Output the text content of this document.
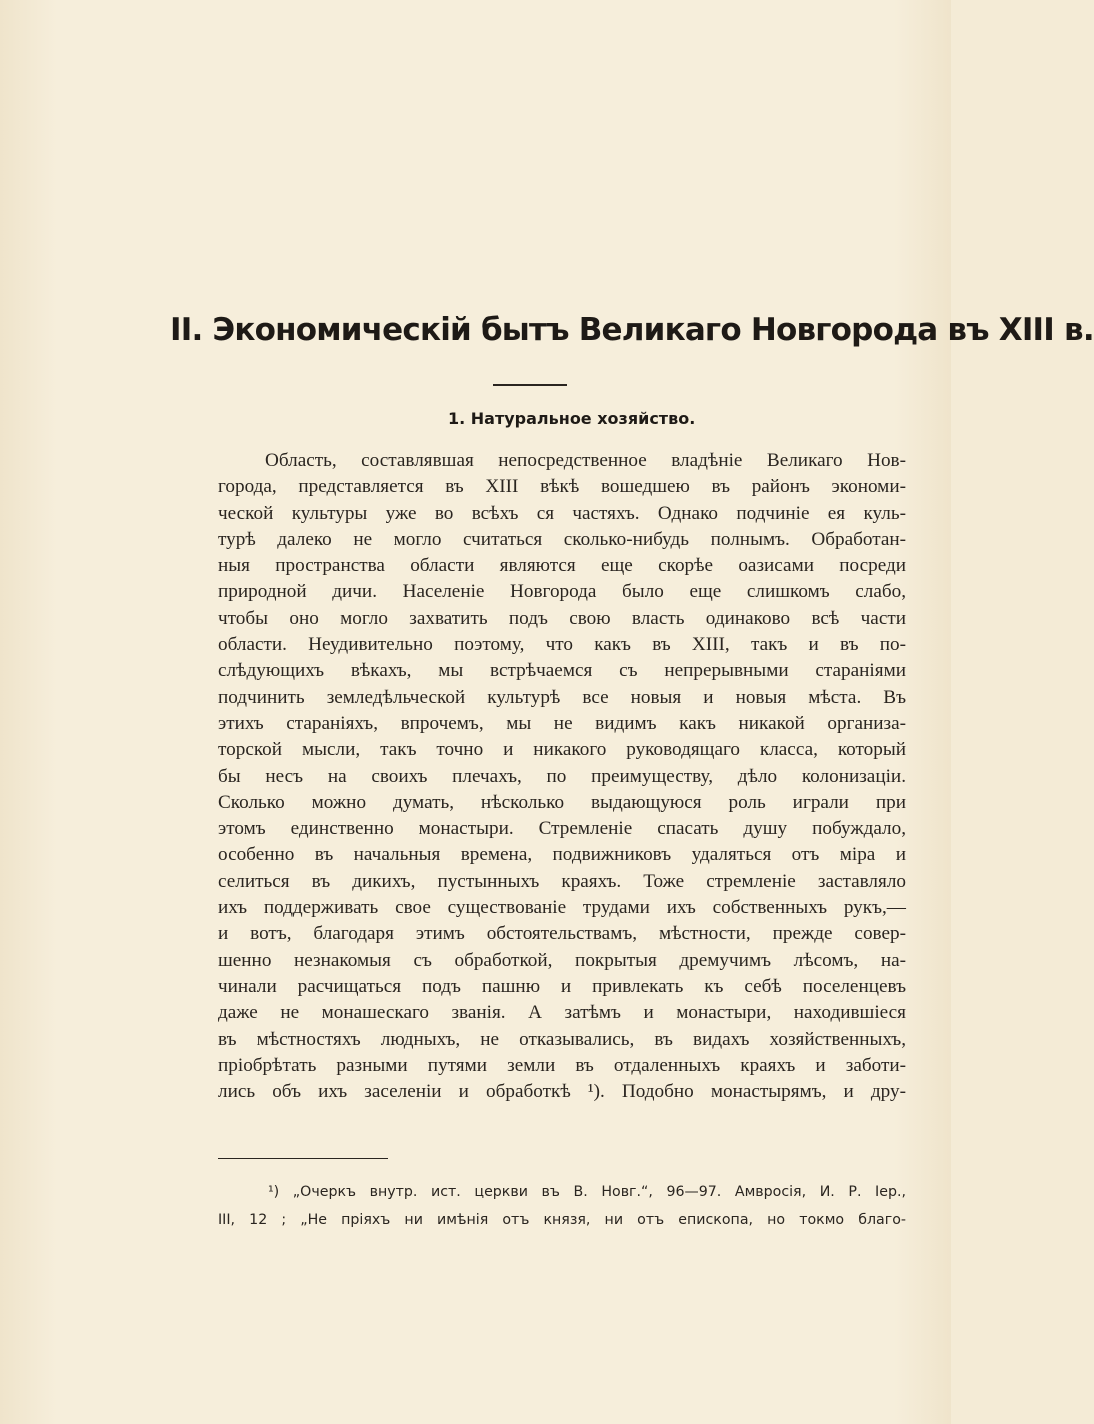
II. Экономическій бытъ Великаго Новгорода въ XIII в.
1. Натуральное хозяйство.
Область, составлявшая непосредственное владѣніе Великаго Нов-
города, представляется въ XIII вѣкѣ вошедшею въ районъ экономи-
ческой культуры уже во всѣхъ ся частяхъ. Однако подчиніе ея куль-
турѣ далеко не могло считаться сколько-нибудь полнымъ. Обработан-
ныя пространства области являются еще скорѣе оазисами посреди
природной дичи. Населеніе Новгорода было еще слишкомъ слабо,
чтобы оно могло захватить подъ свою власть одинаково всѣ части
области. Неудивительно поэтому, что какъ въ XIII, такъ и въ по-
слѣдующихъ вѣкахъ, мы встрѣчаемся съ непрерывными стараніями
подчинить земледѣльческой культурѣ все новыя и новыя мѣста. Въ
этихъ стараніяхъ, впрочемъ, мы не видимъ какъ никакой организа-
торской мысли, такъ точно и никакого руководящаго класса, который
бы несъ на своихъ плечахъ, по преимуществу, дѣло колонизаціи.
Сколько можно думать, нѣсколько выдающуюся роль играли при
этомъ единственно монастыри. Стремленіе спасать душу побуждало,
особенно въ начальныя времена, подвижниковъ удаляться отъ міра и
селиться въ дикихъ, пустынныхъ краяхъ. Тоже стремленіе заставляло
ихъ поддерживать свое существованіе трудами ихъ собственныхъ рукъ,—
и вотъ, благодаря этимъ обстоятельствамъ, мѣстности, прежде совер-
шенно незнакомыя съ обработкой, покрытыя дремучимъ лѣсомъ, на-
чинали расчищаться подъ пашню и привлекать къ себѣ поселенцевъ
даже не монашескаго званія. А затѣмъ и монастыри, находившіеся
въ мѣстностяхъ людныхъ, не отказывались, въ видахъ хозяйственныхъ,
пріобрѣтать разными путями земли въ отдаленныхъ краяхъ и заботи-
лись объ ихъ заселеніи и обработкѣ ¹). Подобно монастырямъ, и дру-
¹) „Очеркъ внутр. ист. церкви въ В. Новг.“, 96—97. Амвросія, И. Р. Іер.,
III, 12 ; „Не пріяхъ ни имѣнія отъ князя, ни отъ епископа, но токмо благо-
